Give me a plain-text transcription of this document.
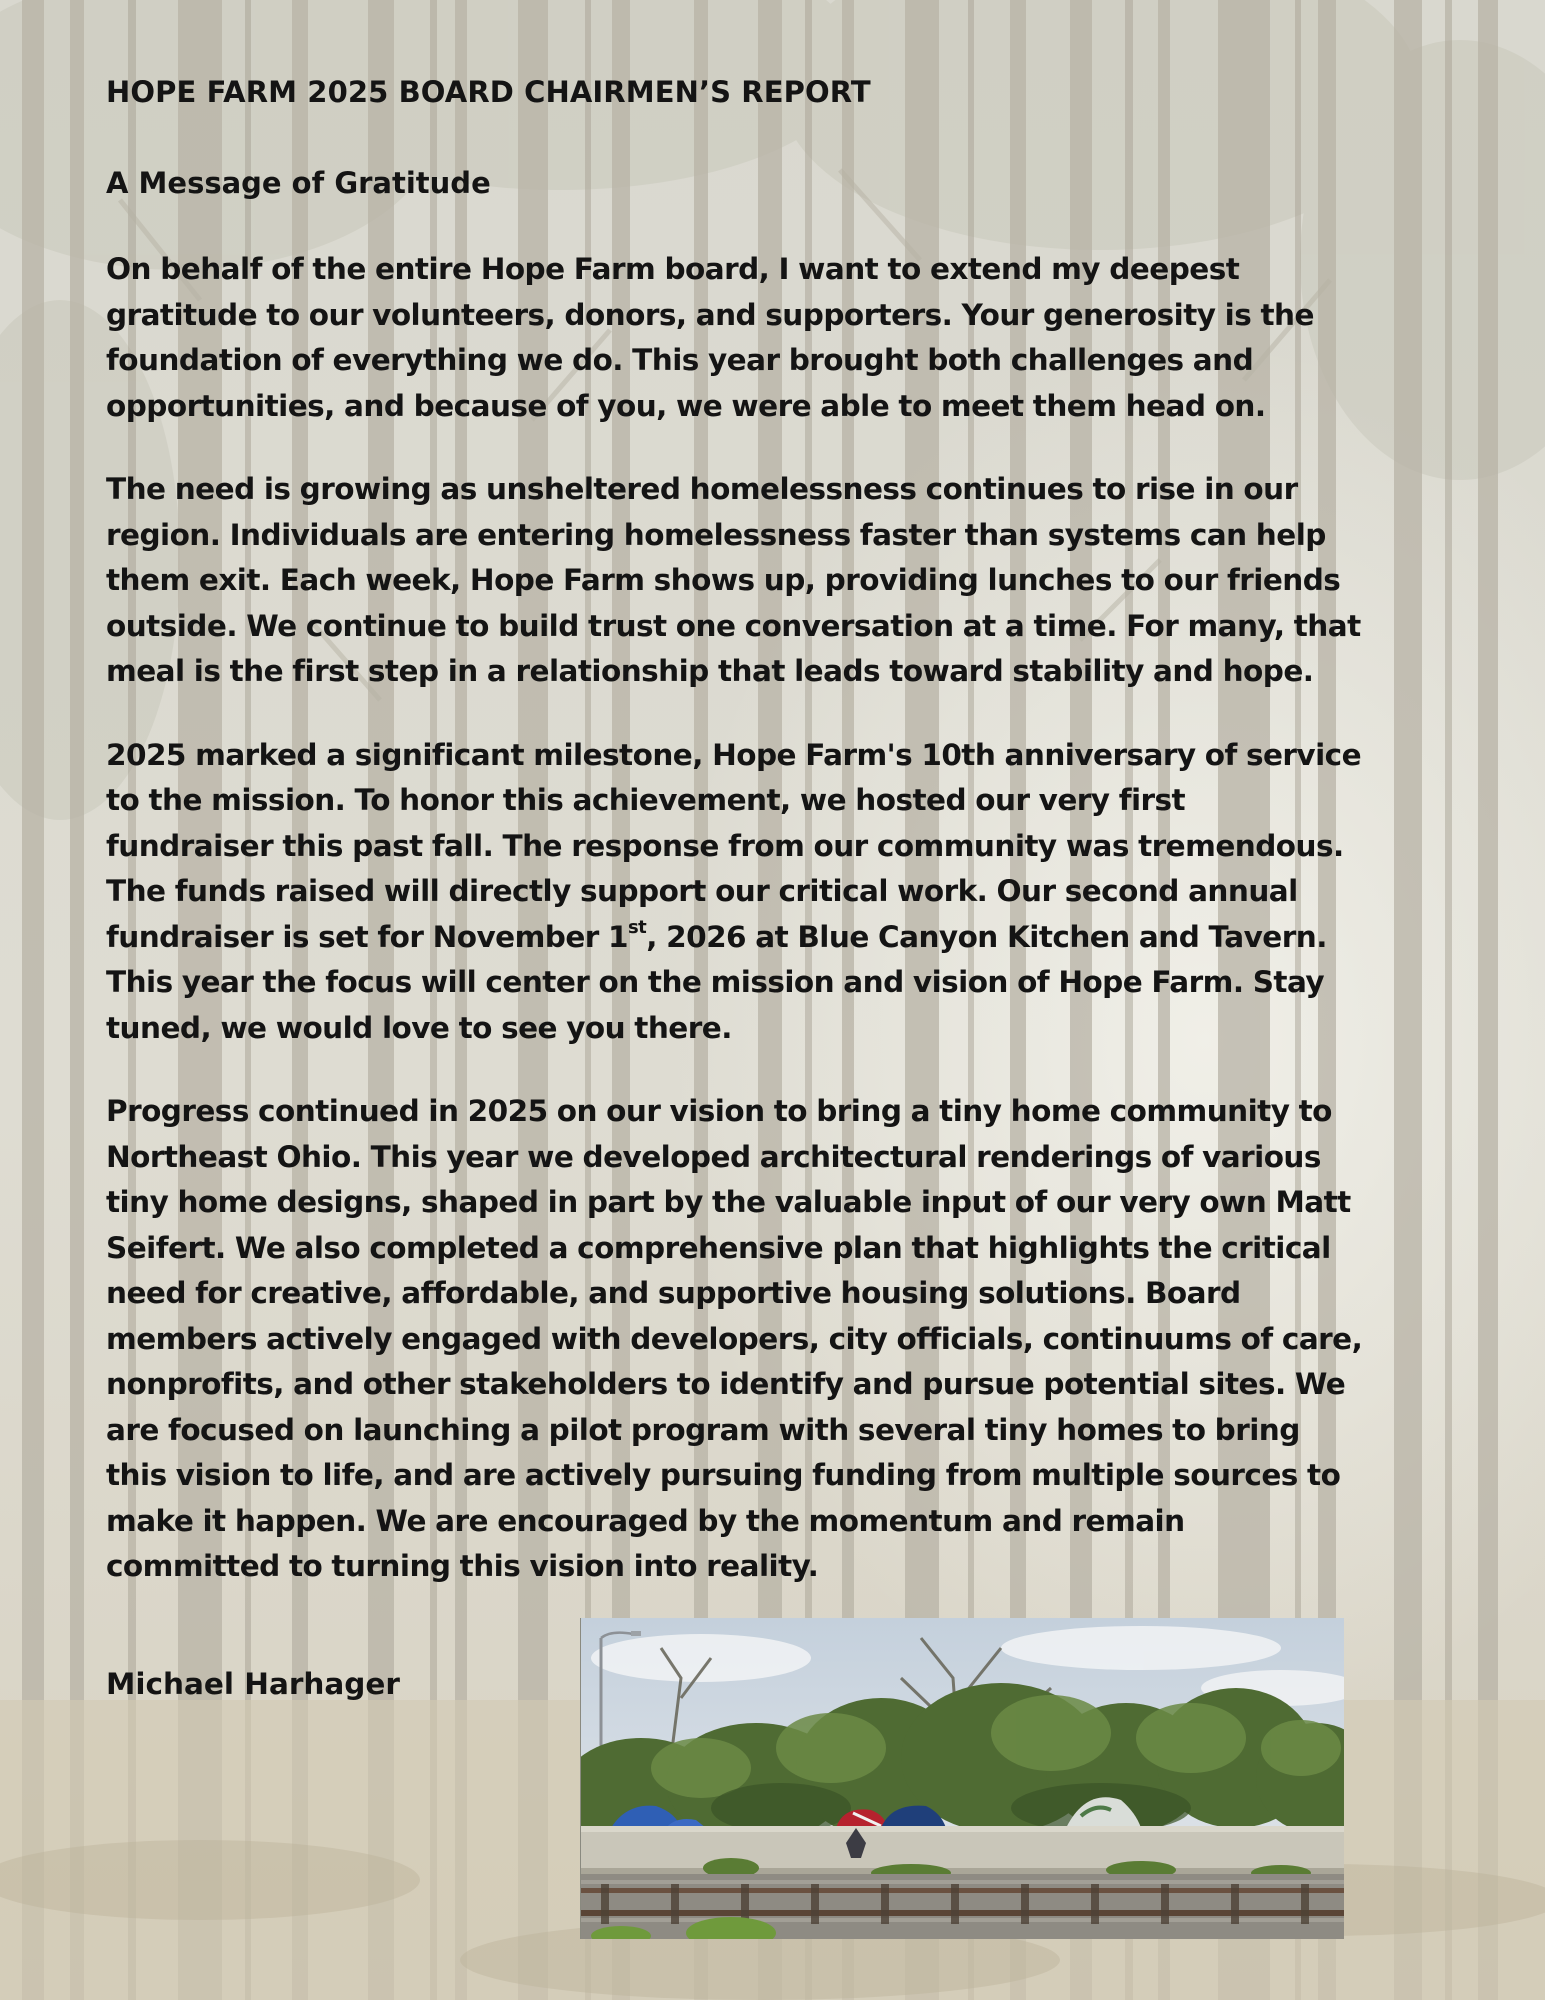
HOPE FARM 2025 BOARD CHAIRMEN’S REPORT
A Message of Gratitude

On behalf of the entire Hope Farm board, I want to extend my deepest
gratitude to our volunteers, donors, and supporters. Your generosity is the
foundation of everything we do. This year brought both challenges and
opportunities, and because of you, we were able to meet them head on.

The need is growing as unsheltered homelessness continues to rise in our
region. Individuals are entering homelessness faster than systems can help
them exit. Each week, Hope Farm shows up, providing lunches to our friends
outside. We continue to build trust one conversation at a time. For many, that
meal is the first step in a relationship that leads toward stability and hope.

2025 marked a significant milestone, Hope Farm's 10th anniversary of service
to the mission. To honor this achievement, we hosted our very first
fundraiser this past fall. The response from our community was tremendous.
The funds raised will directly support our critical work. Our second annual
fundraiser is set for November 1st, 2026 at Blue Canyon Kitchen and Tavern.
This year the focus will center on the mission and vision of Hope Farm. Stay
tuned, we would love to see you there.

Progress continued in 2025 on our vision to bring a tiny home community to
Northeast Ohio. This year we developed architectural renderings of various
tiny home designs, shaped in part by the valuable input of our very own Matt
Seifert. We also completed a comprehensive plan that highlights the critical
need for creative, affordable, and supportive housing solutions. Board
members actively engaged with developers, city officials, continuums of care,
nonprofits, and other stakeholders to identify and pursue potential sites. We
are focused on launching a pilot program with several tiny homes to bring
this vision to life, and are actively pursuing funding from multiple sources to
make it happen. We are encouraged by the momentum and remain
committed to turning this vision into reality.

Michael Harhager
